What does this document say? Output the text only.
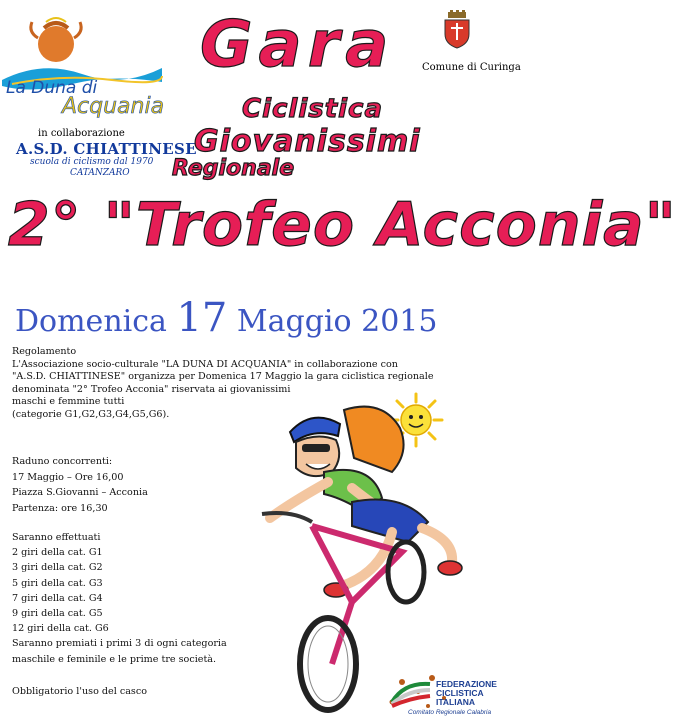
La Duna di
Acquania
in collaborazione
A.S.D. CHIATTINESE
scuola di ciclismo dal 1970
CATANZARO
Comune di Curinga
Gara
Ciclistica
Giovanissimi
Regionale
2° "Trofeo Acconia"
Domenica 17 Maggio 2015
Regolamento
L'Associazione socio-culturale "LA DUNA DI ACQUANIA" in collaborazione con
"A.S.D. CHIATTINESE" organizza per Domenica 17 Maggio la gara ciclistica regionale
denominata "2° Trofeo Acconia" riservata ai giovanissimi
maschi e femmine tutti
(categorie G1,G2,G3,G4,G5,G6).
Raduno concorrenti:
17 Maggio – Ore 16,00
Piazza S.Giovanni – Acconia
Partenza: ore 16,30
Saranno effettuati
2 giri della cat. G1
3 giri della cat. G2
5 giri della cat. G3
7 giri della cat. G4
9 giri della cat. G5
12 giri della cat. G6
Saranno premiati i primi 3 di ogni categoria
maschile e feminile e le prime tre società.
Obbligatorio l'uso del casco
FEDERAZIONE
CICLISTICA
ITALIANA
Comitato Regionale Calabria
